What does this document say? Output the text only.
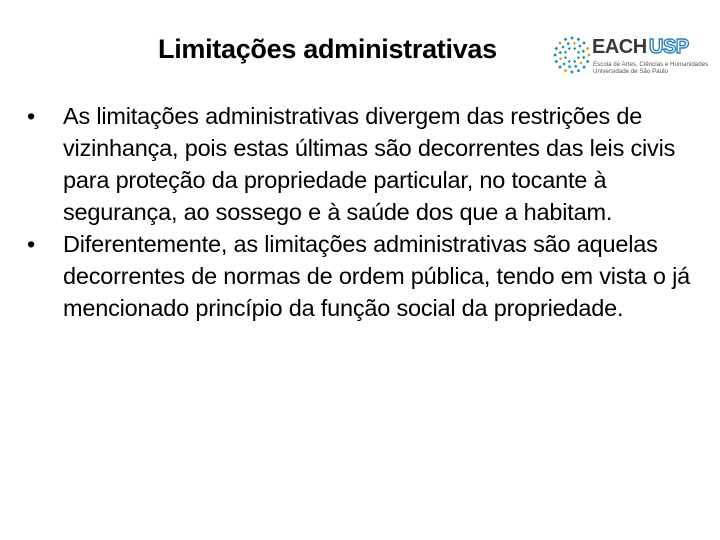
Limitações administrativas	EACH USP
Escola de Artes, Ciências e Humanidades
Universidade de São Paulo
• As limitações administrativas divergem das restrições de vizinhança, pois estas últimas são decorrentes das leis civis para proteção da propriedade particular, no tocante à segurança, ao sossego e à saúde dos que a habitam.
• Diferentemente, as limitações administrativas são aquelas decorrentes de normas de ordem pública, tendo em vista o já mencionado princípio da função social da propriedade.
